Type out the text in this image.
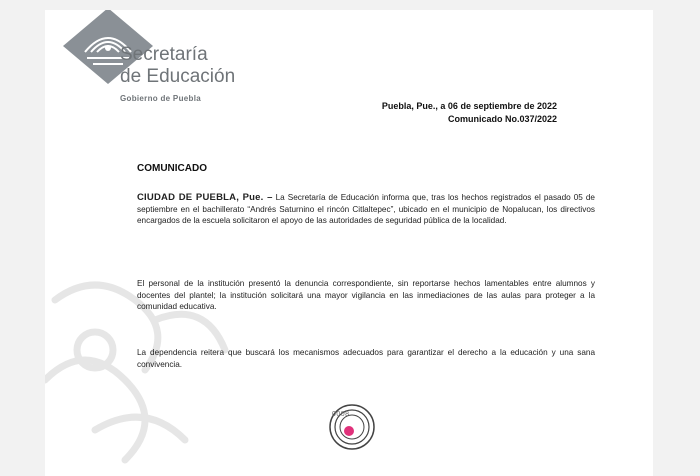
Secretaría
de Educación
Gobierno de Puebla
Puebla, Pue., a 06 de septiembre de 2022
Comunicado No.037/2022
COMUNICADO
CIUDAD DE PUEBLA, Pue. – La Secretaría de Educación informa que, tras los hechos registrados el pasado 05 de septiembre en el bachillerato “Andrés Saturnino el rincón Citlaltepec”, ubicado en el municipio de Nopalucan, los directivos encargados de la escuela solicitaron el apoyo de las autoridades de seguridad pública de la localidad.
El personal de la institución presentó la denuncia correspondiente, sin reportarse hechos lamentables entre alumnos y docentes del plantel; la institución solicitará una mayor vigilancia en las inmediaciones de las aulas para proteger a la comunidad educativa.
La dependencia reitera que buscará los mecanismos adecuados para garantizar el derecho a la educación y una sana convivencia.
0008
